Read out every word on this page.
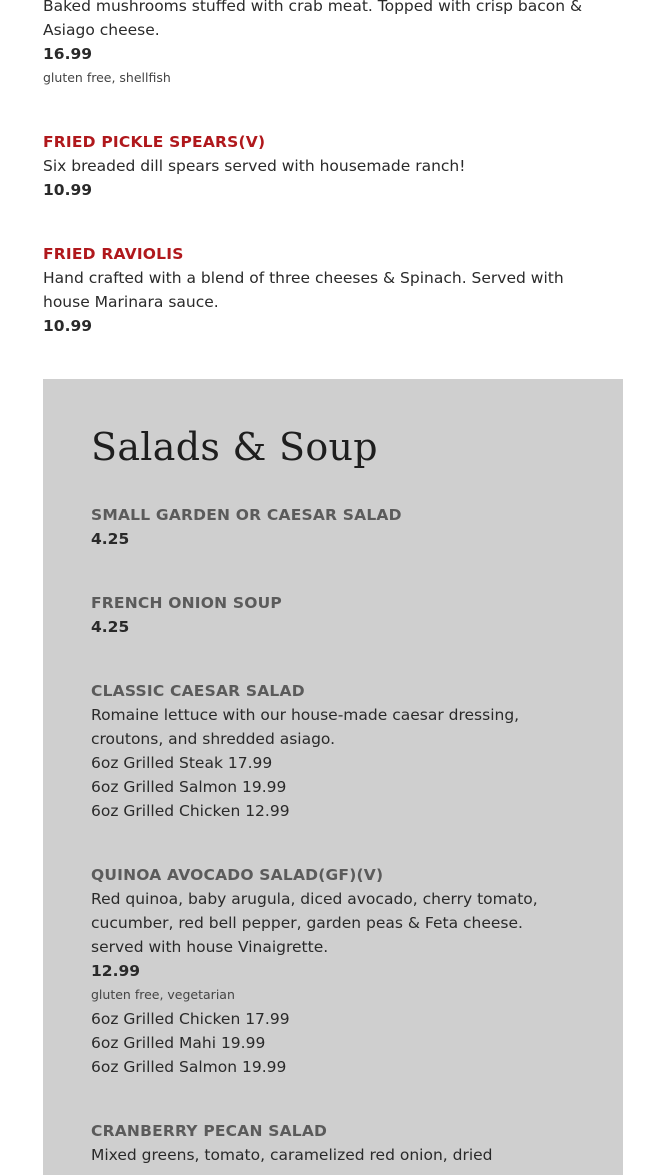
Baked mushrooms stuffed with crab meat. Topped with crisp bacon &
Asiago cheese.
16.99
gluten free, shellfish
FRIED PICKLE SPEARS(V)
Six breaded dill spears served with housemade ranch!
10.99
FRIED RAVIOLIS
Hand crafted with a blend of three cheeses & Spinach. Served with
house Marinara sauce.
10.99
Salads & Soup
SMALL GARDEN OR CAESAR SALAD
4.25
FRENCH ONION SOUP
4.25
CLASSIC CAESAR SALAD
Romaine lettuce with our house-made caesar dressing,
croutons, and shredded asiago.
6oz Grilled Steak 17.99
6oz Grilled Salmon 19.99
6oz Grilled Chicken 12.99
QUINOA AVOCADO SALAD(GF)(V)
Red quinoa, baby arugula, diced avocado, cherry tomato,
cucumber, red bell pepper, garden peas & Feta cheese.
served with house Vinaigrette.
12.99
gluten free, vegetarian
6oz Grilled Chicken 17.99
6oz Grilled Mahi 19.99
6oz Grilled Salmon 19.99
CRANBERRY PECAN SALAD
Mixed greens, tomato, caramelized red onion, dried
